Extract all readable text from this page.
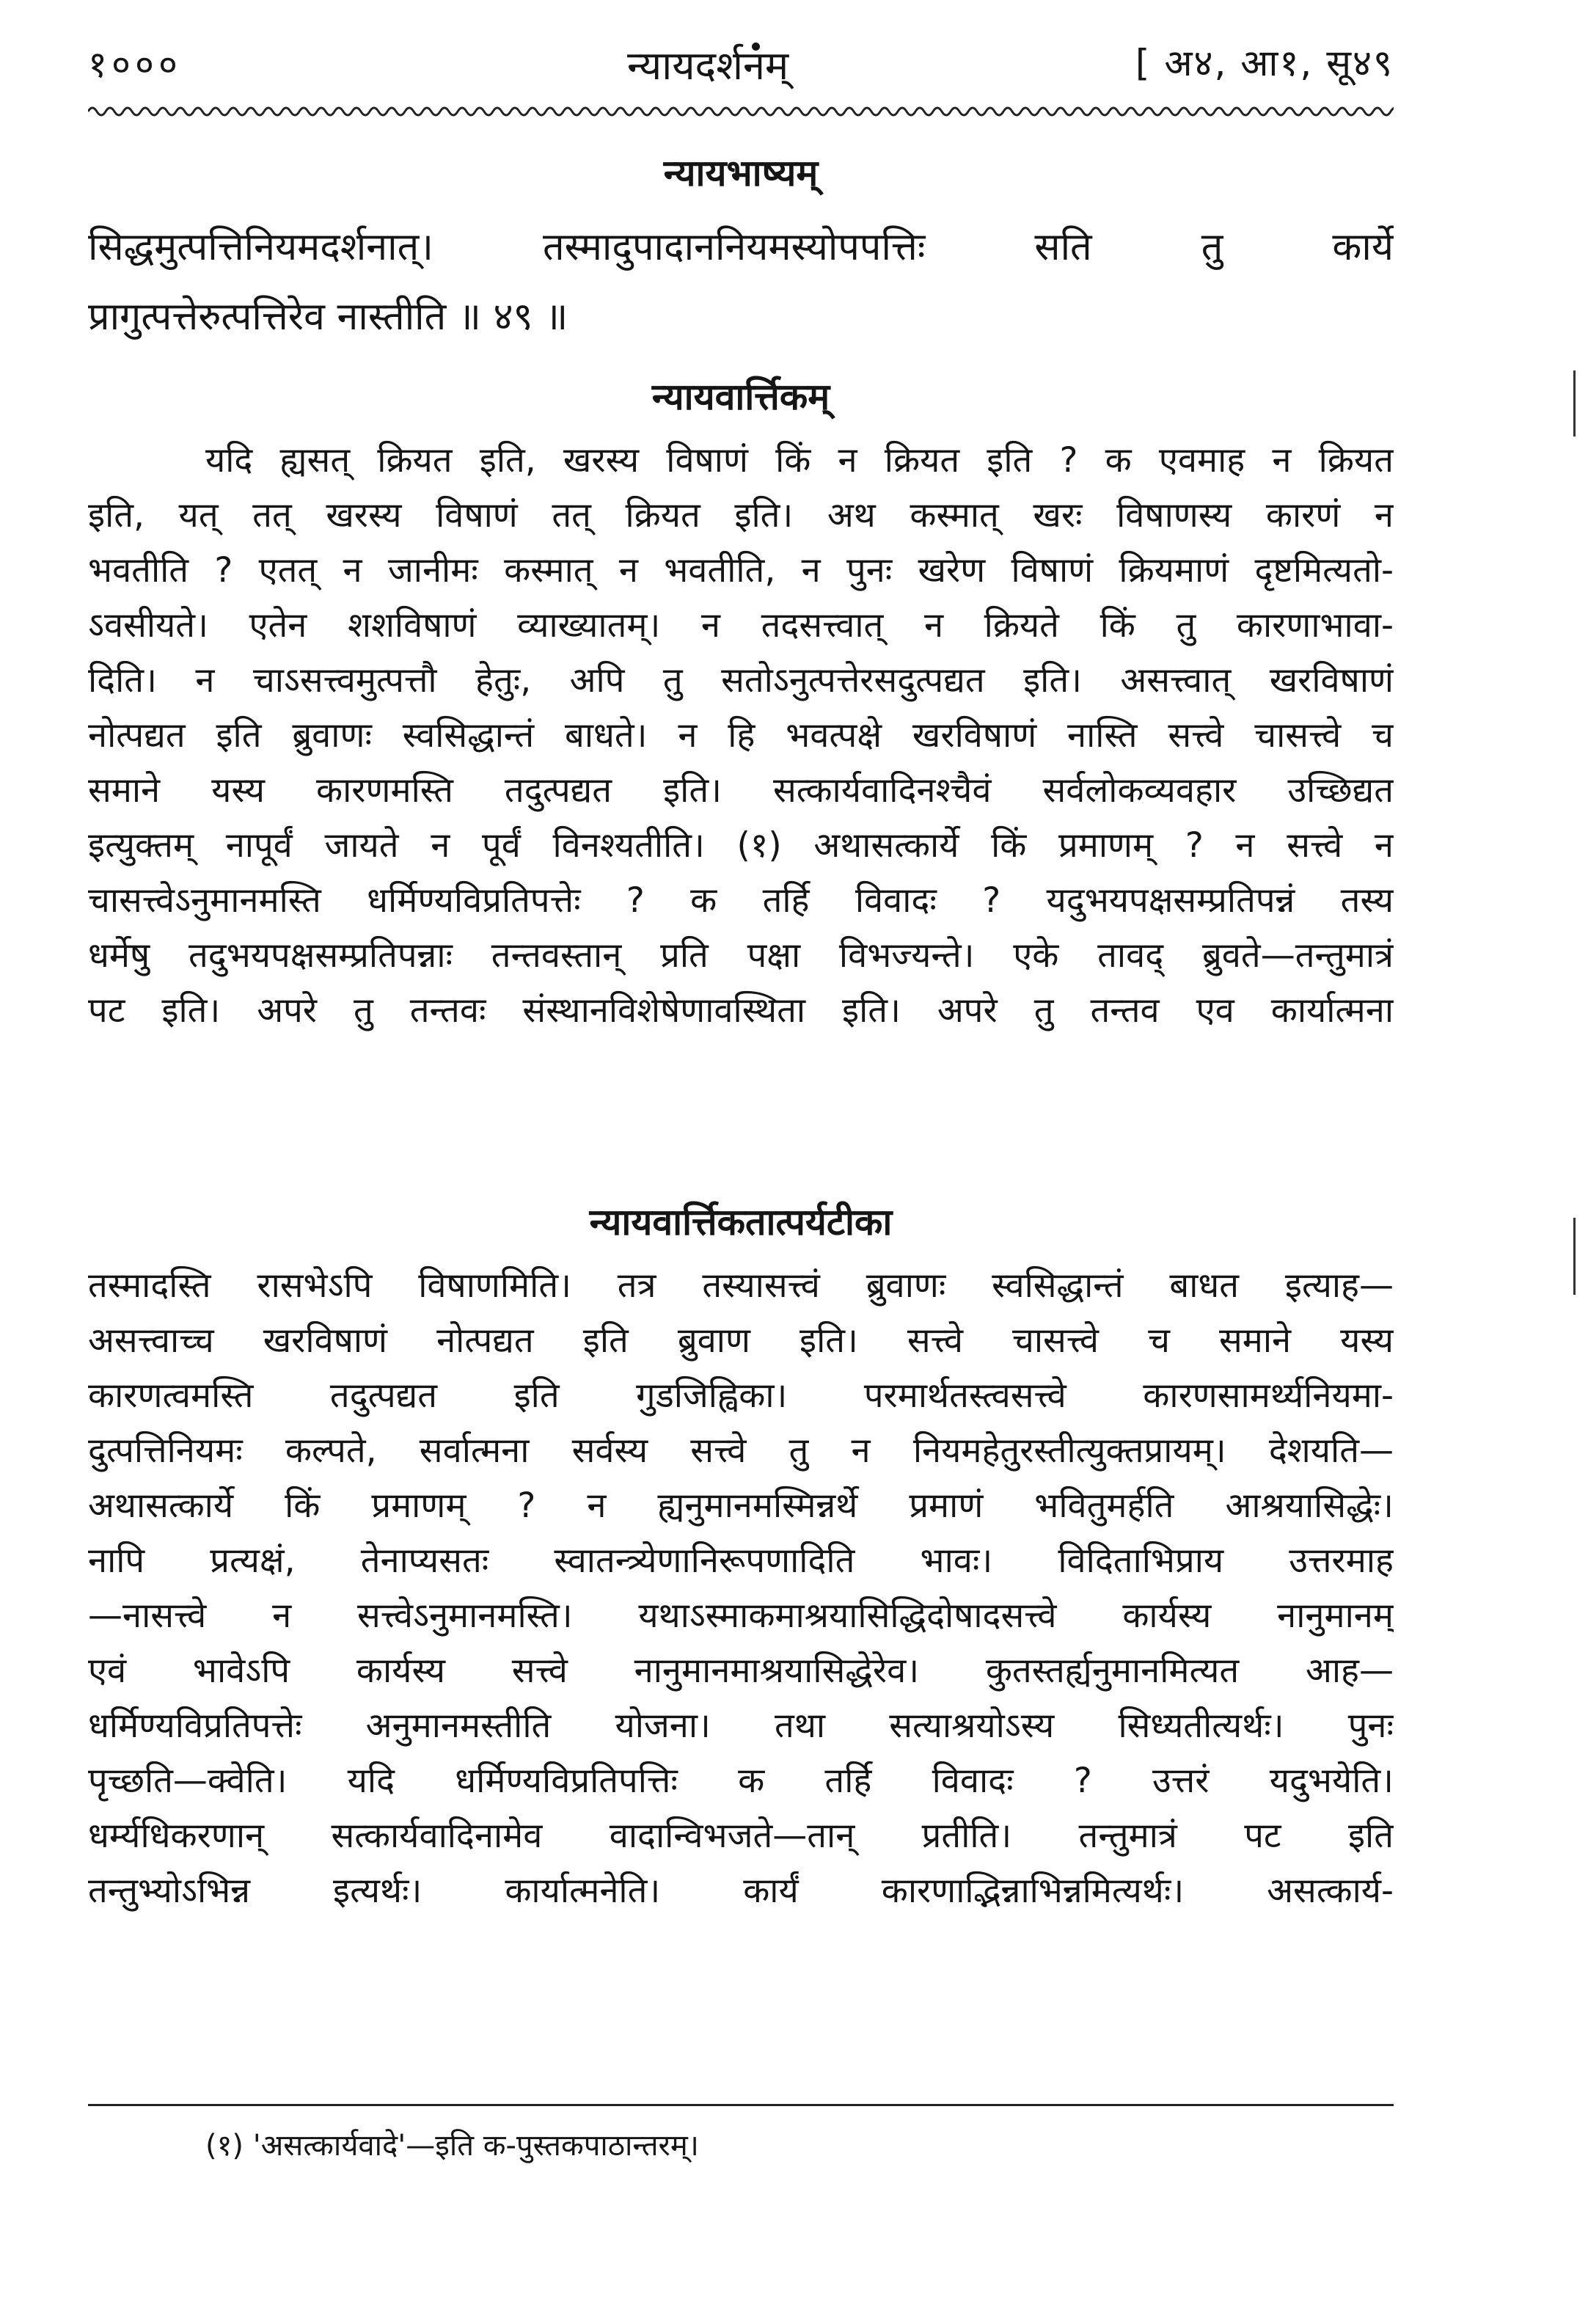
१०००	न्यायदर्शनम्	[ अ४, आ१, सू४९
न्यायभाष्यम्
सिद्धमुत्पत्तिनियमदर्शनात्। तस्मादुपादाननियमस्योपपत्तिः सति तु कार्ये
प्रागुत्पत्तेरुत्पत्तिरेव नास्तीति ॥ ४९ ॥
न्यायवार्त्तिकम्
यदि ह्यसत् क्रियत इति, खरस्य विषाणं किं न क्रियत इति ? क एवमाह न क्रियत
इति, यत् तत् खरस्य विषाणं तत् क्रियत इति। अथ कस्मात् खरः विषाणस्य कारणं न
भवतीति ? एतत् न जानीमः कस्मात् न भवतीति, न पुनः खरेण विषाणं क्रियमाणं दृष्टमित्यतो-
ऽवसीयते। एतेन शशविषाणं व्याख्यातम्। न तदसत्त्वात् न क्रियते किं तु कारणाभावा-
दिति। न चाऽसत्त्वमुत्पत्तौ हेतुः, अपि तु सतोऽनुत्पत्तेरसदुत्पद्यत इति। असत्त्वात् खरविषाणं
नोत्पद्यत इति ब्रुवाणः स्वसिद्धान्तं बाधते। न हि भवत्पक्षे खरविषाणं नास्ति सत्त्वे चासत्त्वे च
समाने यस्य कारणमस्ति तदुत्पद्यत इति। सत्कार्यवादिनश्चैवं सर्वलोकव्यवहार उच्छिद्यत
इत्युक्तम् नापूर्वं जायते न पूर्वं विनश्यतीति। (१) अथासत्कार्ये किं प्रमाणम् ? न सत्त्वे न
चासत्त्वेऽनुमानमस्ति धर्मिण्यविप्रतिपत्तेः ? क तर्हि विवादः ? यदुभयपक्षसम्प्रतिपन्नं तस्य
धर्मेषु तदुभयपक्षसम्प्रतिपन्नाः तन्तवस्तान् प्रति पक्षा विभज्यन्ते। एके तावद् ब्रुवते—तन्तुमात्रं
पट इति। अपरे तु तन्तवः संस्थानविशेषेणावस्थिता इति। अपरे तु तन्तव एव कार्यात्मना
न्यायवार्त्तिकतात्पर्यटीका
तस्मादस्ति रासभेऽपि विषाणमिति। तत्र तस्यासत्त्वं ब्रुवाणः स्वसिद्धान्तं बाधत इत्याह—
असत्त्वाच्च खरविषाणं नोत्पद्यत इति ब्रुवाण इति। सत्त्वे चासत्त्वे च समाने यस्य
कारणत्वमस्ति तदुत्पद्यत इति गुडजिह्विका। परमार्थतस्त्वसत्त्वे कारणसामर्थ्यनियमा-
दुत्पत्तिनियमः कल्पते, सर्वात्मना सर्वस्य सत्त्वे तु न नियमहेतुरस्तीत्युक्तप्रायम्। देशयति—
अथासत्कार्ये किं प्रमाणम् ? न ह्यनुमानमस्मिन्नर्थे प्रमाणं भवितुमर्हति आश्रयासिद्धेः।
नापि प्रत्यक्षं, तेनाप्यसतः स्वातन्त्र्येणानिरूपणादिति भावः। विदिताभिप्राय उत्तरमाह
—नासत्त्वे न सत्त्वेऽनुमानमस्ति। यथाऽस्माकमाश्रयासिद्धिदोषादसत्त्वे कार्यस्य नानुमानम्
एवं भावेऽपि कार्यस्य सत्त्वे नानुमानमाश्रयासिद्धेरेव। कुतस्तर्ह्यनुमानमित्यत आह—
धर्मिण्यविप्रतिपत्तेः अनुमानमस्तीति योजना। तथा सत्याश्रयोऽस्य सिध्यतीत्यर्थः। पुनः
पृच्छति—क्वेति। यदि धर्मिण्यविप्रतिपत्तिः क तर्हि विवादः ? उत्तरं यदुभयेति।
धर्म्यधिकरणान् सत्कार्यवादिनामेव वादान्विभजते—तान् प्रतीति। तन्तुमात्रं पट इति
तन्तुभ्योऽभिन्न इत्यर्थः। कार्यात्मनेति। कार्यं कारणाद्भिन्नाभिन्नमित्यर्थः। असत्कार्य-
(१) 'असत्कार्यवादे'—इति क-पुस्तकपाठान्तरम्।
